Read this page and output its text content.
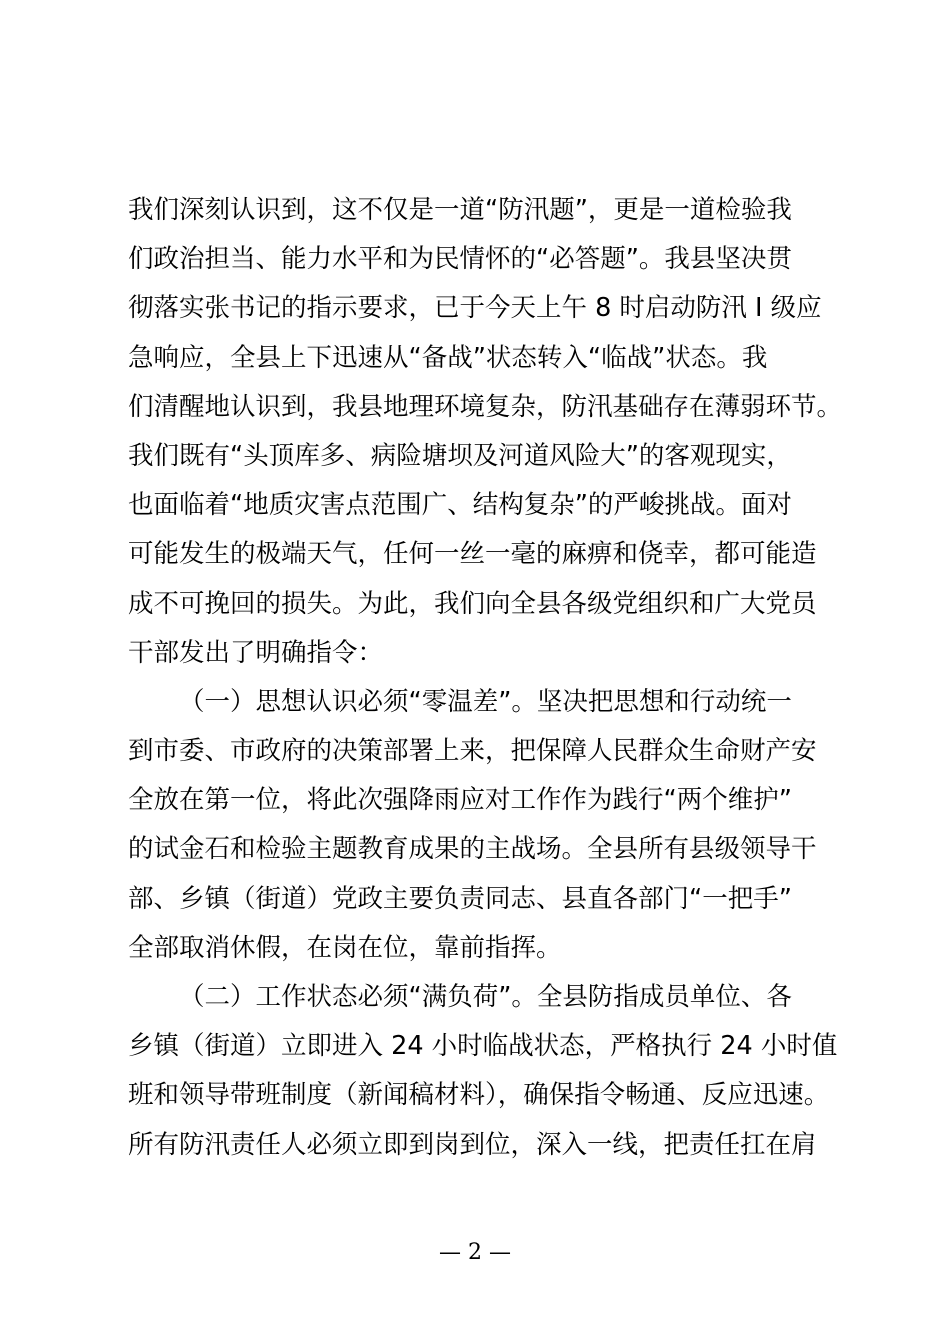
我们深刻认识到，这不仅是一道“防汛题”，更是一道检验我
们政治担当、能力水平和为民情怀的“必答题”。我县坚决贯
彻落实张书记的指示要求，已于今天上午 8 时启动防汛 I 级应
急响应，全县上下迅速从“备战”状态转入“临战”状态。我
们清醒地认识到，我县地理环境复杂，防汛基础存在薄弱环节。
我们既有“头顶库多、病险塘坝及河道风险大”的客观现实，
也面临着“地质灾害点范围广、结构复杂”的严峻挑战。面对
可能发生的极端天气，任何一丝一毫的麻痹和侥幸，都可能造
成不可挽回的损失。为此，我们向全县各级党组织和广大党员
干部发出了明确指令：
（一）思想认识必须“零温差”。坚决把思想和行动统一
到市委、市政府的决策部署上来，把保障人民群众生命财产安
全放在第一位，将此次强降雨应对工作作为践行“两个维护”
的试金石和检验主题教育成果的主战场。全县所有县级领导干
部、乡镇（街道）党政主要负责同志、县直各部门“一把手”
全部取消休假，在岗在位，靠前指挥。
（二）工作状态必须“满负荷”。全县防指成员单位、各
乡镇（街道）立即进入 24 小时临战状态，严格执行 24 小时值
班和领导带班制度（新闻稿材料），确保指令畅通、反应迅速。
所有防汛责任人必须立即到岗到位，深入一线，把责任扛在肩
— 2 —
